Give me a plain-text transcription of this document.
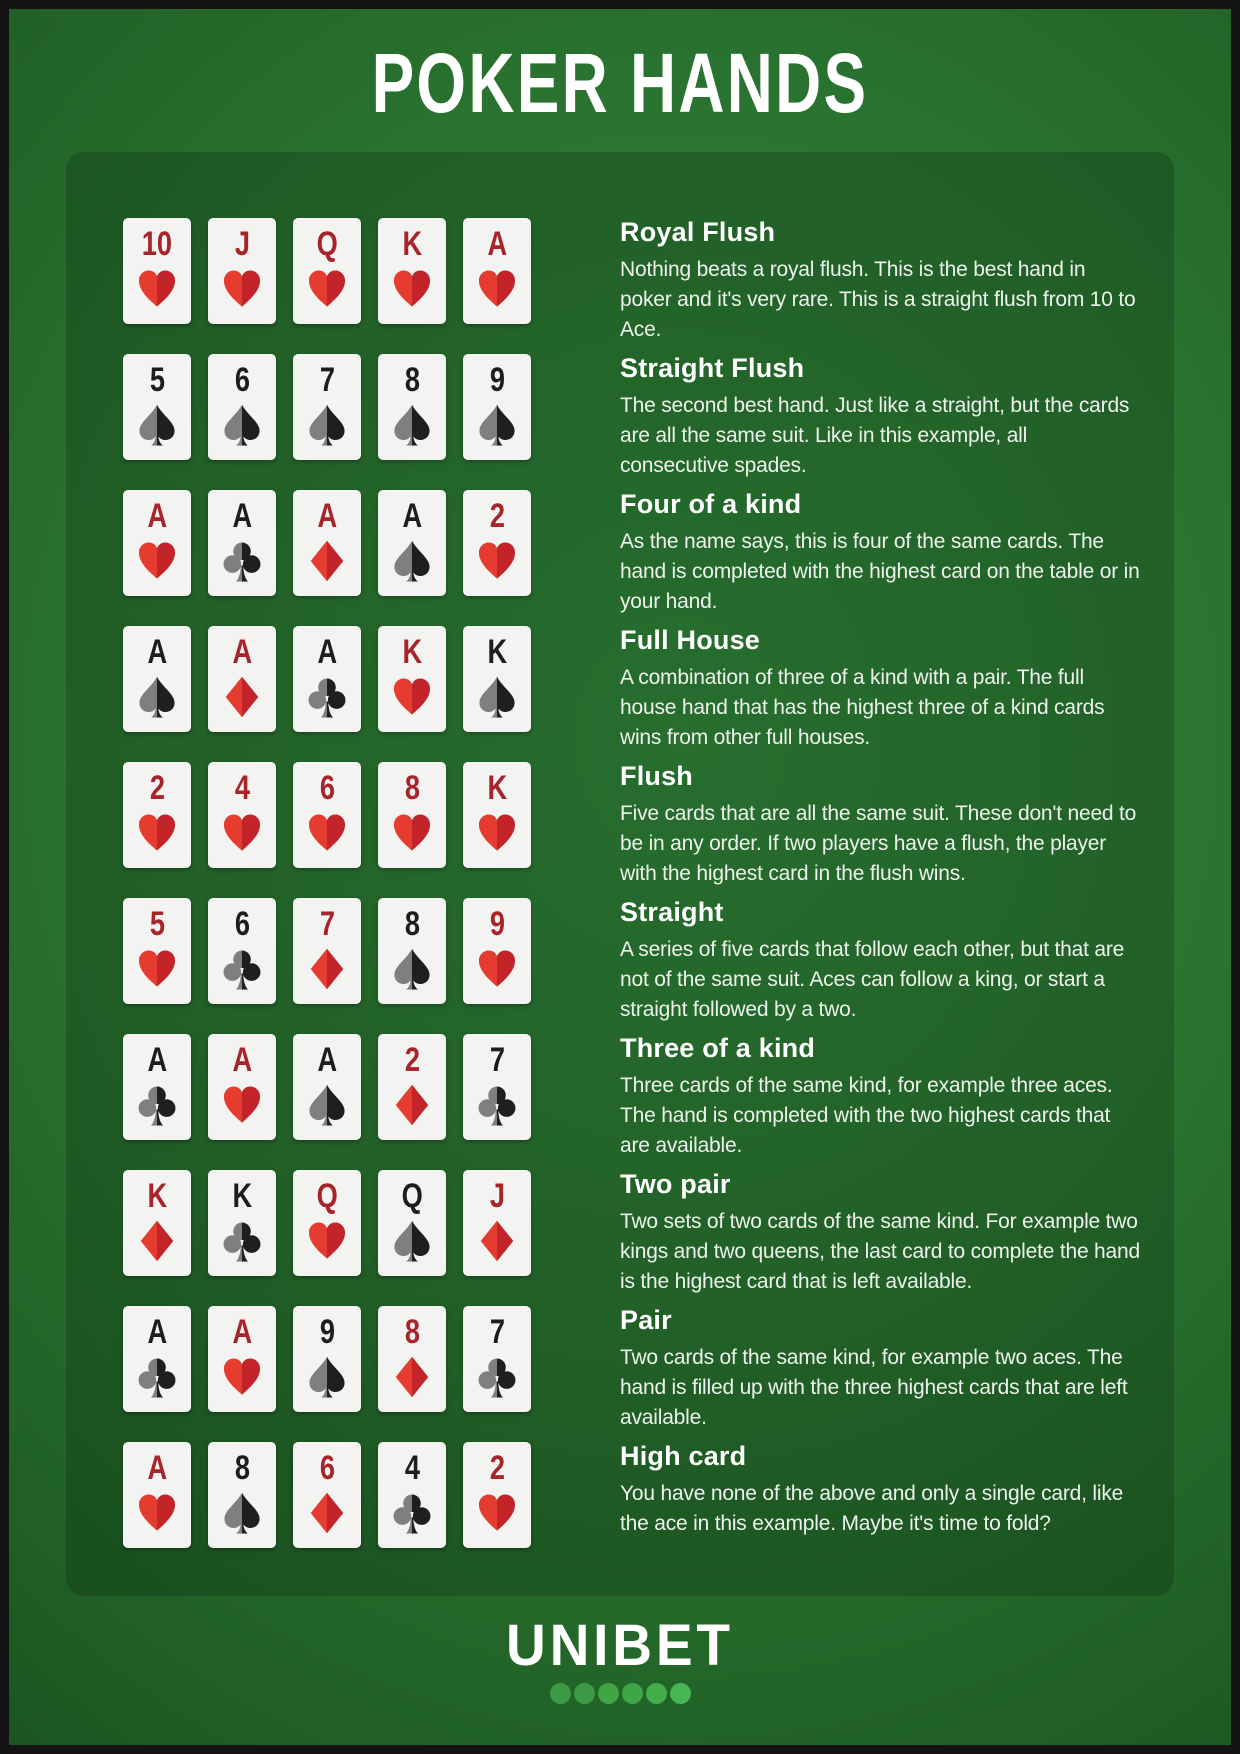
POKER HANDS
10 J Q K A	Royal Flush

Nothing beats a royal flush. This is the best hand in poker and it's very rare. This is a straight flush from 10 to Ace.

5 6 7 8 9	Straight Flush

The second best hand. Just like a straight, but the cards are all the same suit. Like in this example, all consecutive spades.

A A A A 2	Four of a kind

As the name says, this is four of the same cards. The hand is completed with the highest card on the table or in your hand.

A A A K K	Full House

A combination of three of a kind with a pair. The full house hand that has the highest three of a kind cards wins from other full houses.

2 4 6 8 K	Flush

Five cards that are all the same suit. These don't need to be in any order. If two players have a flush, the player with the highest card in the flush wins.

5 6 7 8 9	Straight

A series of five cards that follow each other, but that are not of the same suit. Aces can follow a king, or start a straight followed by a two.

A A A 2 7	Three of a kind

Three cards of the same kind, for example three aces. The hand is completed with the two highest cards that are available.

K K Q Q J	Two pair

Two sets of two cards of the same kind. For example two kings and two queens, the last card to complete the hand is the highest card that is left available.

A A 9 8 7	Pair

Two cards of the same kind, for example two aces. The hand is filled up with the three highest cards that are left available.

A 8 6 4 2	High card

You have none of the above and only a single card, like the ace in this example. Maybe it's time to fold?

UNIBET
